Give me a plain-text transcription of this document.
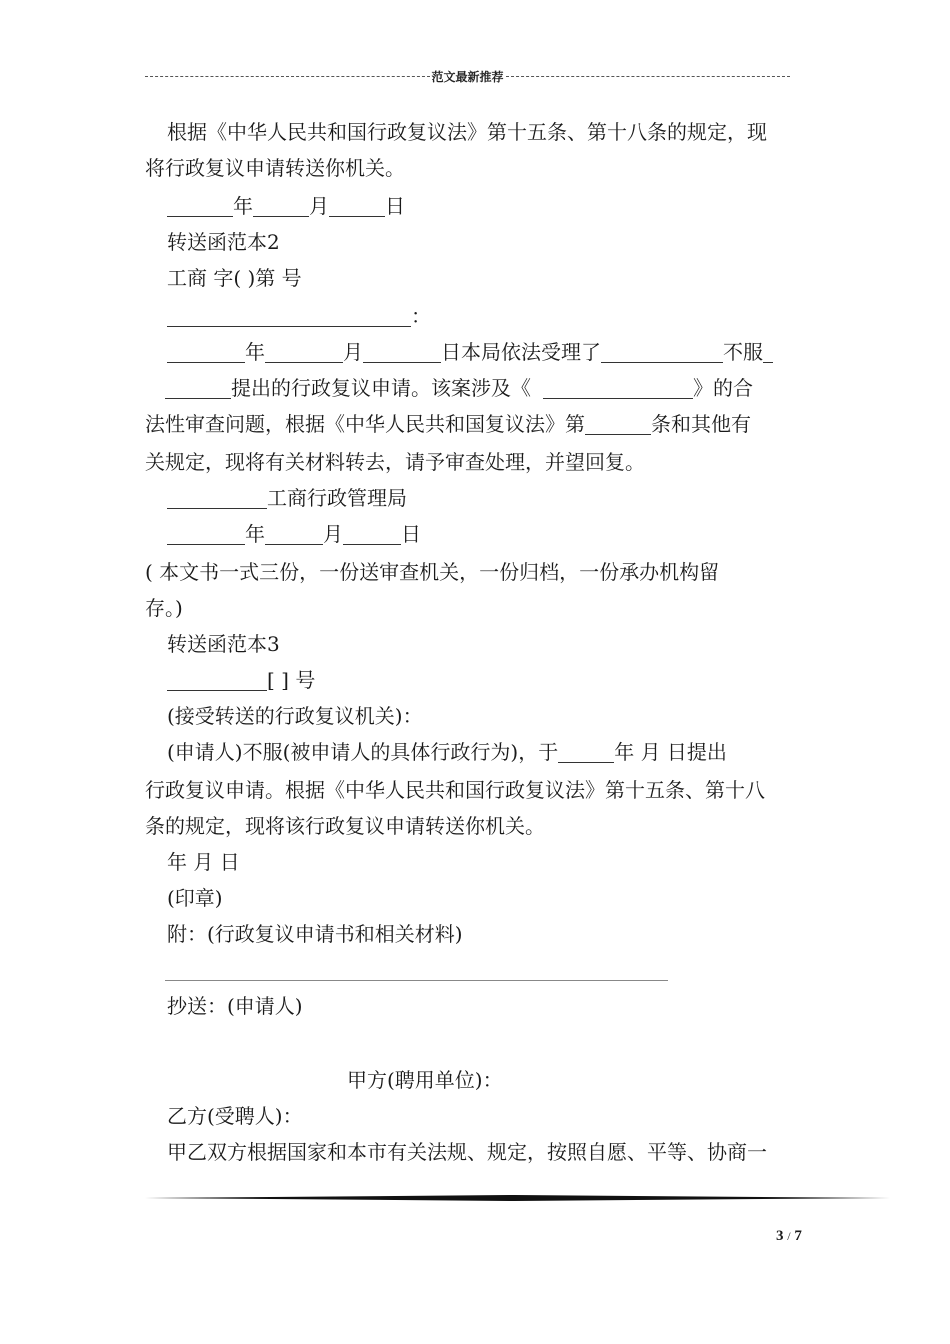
范文最新推荐
根据《中华人民共和国行政复议法》第十五条、第十八条的规定，现
将行政复议申请转送你机关。
年	月	日
转送函范本2
工商 字( )第 号
：
年	月	日本局依法受理了	不服
提出的行政复议申请。该案涉及《	》的合
法性审查问题，根据《中华人民共和国复议法》第	条和其他有
关规定，现将有关材料转去，请予审查处理，并望回复。
工商行政管理局
年	月	日
( 本文书一式三份，一份送审查机关，一份归档，一份承办机构留
存。)
转送函范本3
[ ] 号
(接受转送的行政复议机关)：
(申请人)不服(被申请人的具体行政行为)，于	年 月 日提出
行政复议申请。根据《中华人民共和国行政复议法》第十五条、第十八
条的规定，现将该行政复议申请转送你机关。
年 月 日
(印章)
附：(行政复议申请书和相关材料)
抄送：(申请人)
甲方(聘用单位)：
乙方(受聘人)：
甲乙双方根据国家和本市有关法规、规定，按照自愿、平等、协商一
3 / 7
